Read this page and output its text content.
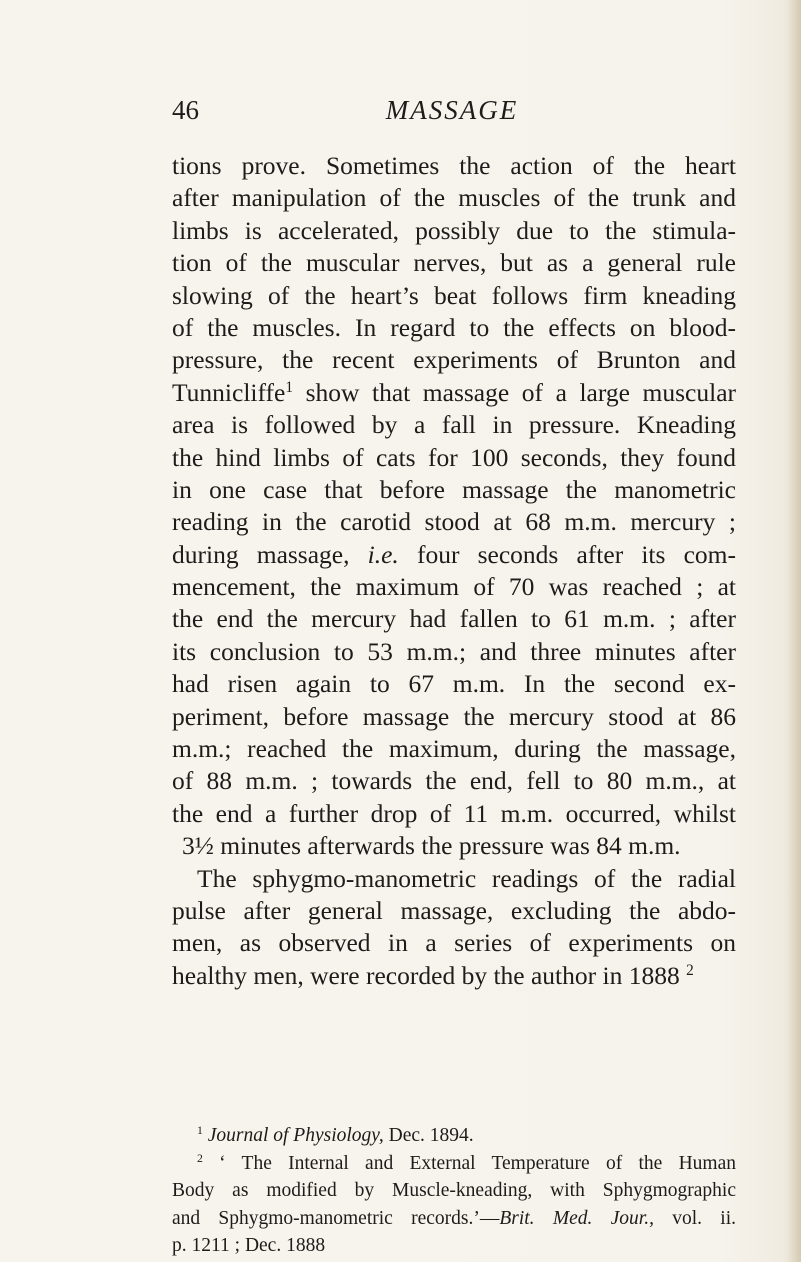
46	MASSAGE
tions prove. Sometimes the action of the heart
after manipulation of the muscles of the trunk and
limbs is accelerated, possibly due to the stimula-
tion of the muscular nerves, but as a general rule
slowing of the heart’s beat follows firm kneading
of the muscles. In regard to the effects on blood-
pressure, the recent experiments of Brunton and
Tunnicliffe$^1$ show that massage of a large muscular
area is followed by a fall in pressure. Kneading
the hind limbs of cats for 100 seconds, they found
in one case that before massage the manometric
reading in the carotid stood at 68 m.m. mercury ;
during massage, i.e. four seconds after its com-
mencement, the maximum of 70 was reached ; at
the end the mercury had fallen to 61 m.m. ; after
its conclusion to 53 m.m.; and three minutes after
had risen again to 67 m.m. In the second ex-
periment, before massage the mercury stood at 86
m.m.; reached the maximum, during the massage,
of 88 m.m. ; towards the end, fell to 80 m.m., at
the end a further drop of 11 m.m. occurred, whilst
3½ minutes afterwards the pressure was 84 m.m.
The sphygmo-manometric readings of the radial
pulse after general massage, excluding the abdo-
men, as observed in a series of experiments on
healthy men, were recorded by the author in 1888 $^2$
$^1$ Journal of Physiology, Dec. 1894.
$^2$ ‘ The Internal and External Temperature of the Human
Body as modified by Muscle-kneading, with Sphygmographic
and Sphygmo-manometric records.’—Brit. Med. Jour., vol. ii.
p. 1211 ; Dec. 1888
